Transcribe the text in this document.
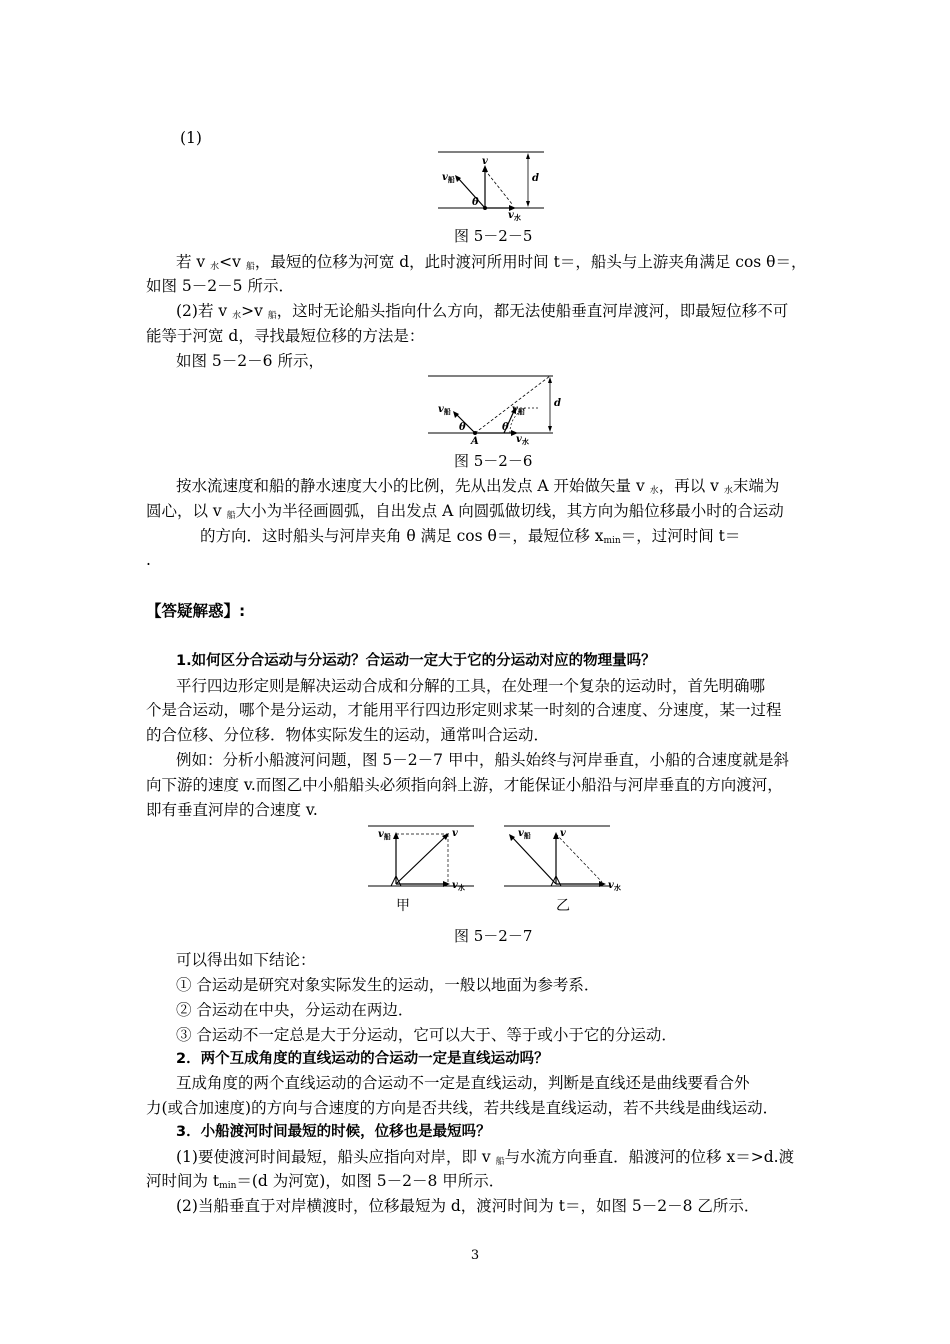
(1)
v
$v_船$	d
θ
$v_水$
图 5－2－5
若 v $_水$<v $_船$，最短的位移为河宽 d，此时渡河所用时间 t＝，船头与上游夹角满足 cos θ＝，
如图 5－2－5 所示．
(2)若 v $_水$>v $_船$，这时无论船头指向什么方向，都无法使船垂直河岸渡河，即最短位移不可
能等于河宽 d，寻找最短位移的方法是：
如图 5－2－6 所示，
$v_船$	$v_船$
d
θ	θ
A	$v_水$
图 5－2－6
按水流速度和船的静水速度大小的比例，先从出发点 A 开始做矢量 v $_水$，再以 v $_水$末端为
圆心，以 v $_船$大小为半径画圆弧，自出发点 A 向圆弧做切线，其方向为船位移最小时的合运动
的方向．这时船头与河岸夹角 θ 满足 cos θ＝，最短位移 $x_{min}=$，过河时间 t＝
.
【答疑解惑】:
1.如何区分合运动与分运动？合运动一定大于它的分运动对应的物理量吗？
平行四边形定则是解决运动合成和分解的工具，在处理一个复杂的运动时，首先明确哪
个是合运动，哪个是分运动，才能用平行四边形定则求某一时刻的合速度、分速度，某一过程
的合位移、分位移．物体实际发生的运动，通常叫合运动．
例如：分析小船渡河问题，图 5－2－7 甲中，船头始终与河岸垂直，小船的合速度就是斜
向下游的速度 v.而图乙中小船船头必须指向斜上游，才能保证小船沿与河岸垂直的方向渡河，
即有垂直河岸的合速度 v.
$v_船$	v
$v_水$
甲
v
$v_船$
$v_水$
乙
图 5－2－7
可以得出如下结论：
① 合运动是研究对象实际发生的运动，一般以地面为参考系．
② 合运动在中央，分运动在两边．
③ 合运动不一定总是大于分运动，它可以大于、等于或小于它的分运动．
2．两个互成角度的直线运动的合运动一定是直线运动吗？
互成角度的两个直线运动的合运动不一定是直线运动，判断是直线还是曲线要看合外
力(或合加速度)的方向与合速度的方向是否共线，若共线是直线运动，若不共线是曲线运动．
3．小船渡河时间最短的时候，位移也是最短吗？
(1)要使渡河时间最短，船头应指向对岸，即 v $_船$与水流方向垂直．船渡河的位移 x＝>d.渡
河时间为 $t_{min}=(d$ 为河宽)，如图 5－2－8 甲所示．
(2)当船垂直于对岸横渡时，位移最短为 d，渡河时间为 t＝，如图 5－2－8 乙所示．
3
